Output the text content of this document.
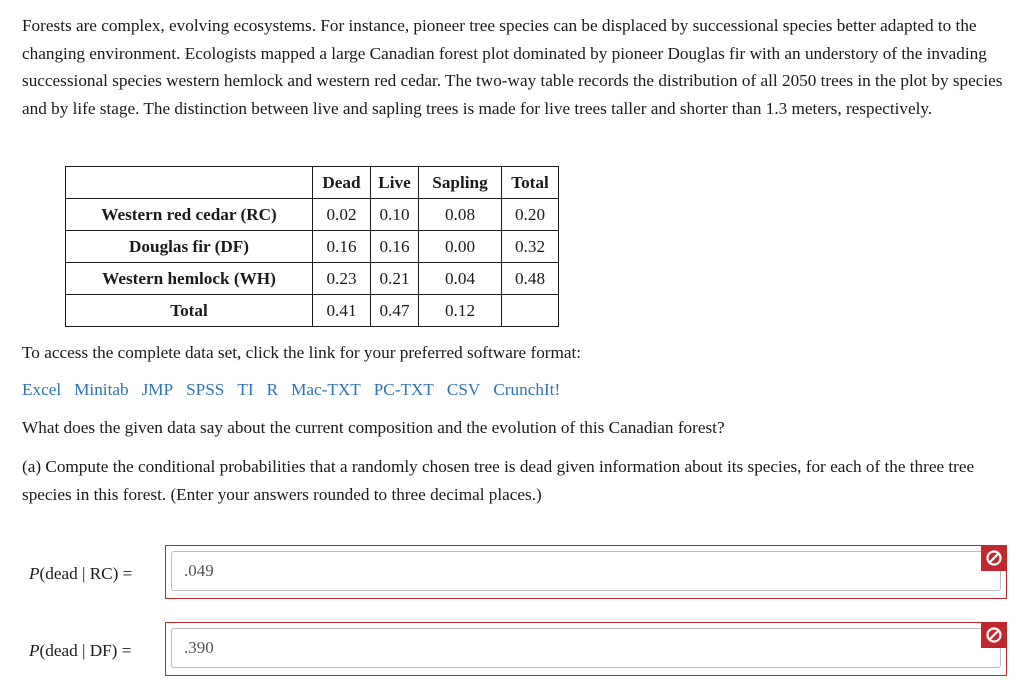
Forests are complex, evolving ecosystems. For instance, pioneer tree species can be displaced by successional species better adapted to the changing environment. Ecologists mapped a large Canadian forest plot dominated by pioneer Douglas fir with an understory of the invading successional species western hemlock and western red cedar. The two-way table records the distribution of all 2050 trees in the plot by species and by life stage. The distinction between live and sapling trees is made for live trees taller and shorter than 1.3 meters, respectively.

	Dead	Live	Sapling	Total
Western red cedar (RC)	0.02	0.10	0.08	0.20
Douglas fir (DF)	0.16	0.16	0.00	0.32
Western hemlock (WH)	0.23	0.21	0.04	0.48
Total	0.41	0.47	0.12	

To access the complete data set, click the link for your preferred software format:

Excel Minitab JMP SPSS TI R Mac-TXT PC-TXT CSV CrunchIt!

What does the given data say about the current composition and the evolution of this Canadian forest?

(a) Compute the conditional probabilities that a randomly chosen tree is dead given information about its species, for each of the three tree species in this forest. (Enter your answers rounded to three decimal places.)

P(dead | RC) =
.049
P(dead | DF) =
.390
